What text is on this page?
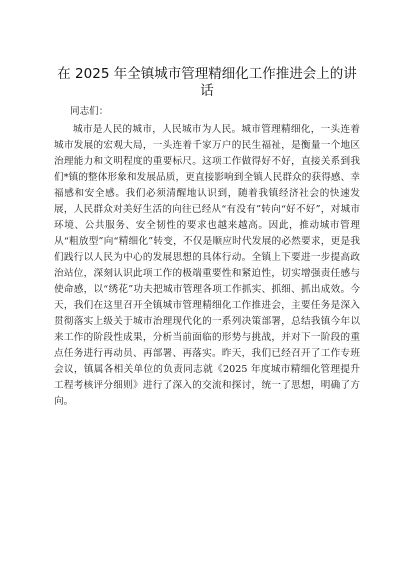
在 2025 年全镇城市管理精细化工作推进会上的讲话

同志们：

城市是人民的城市，人民城市为人民。城市管理精细化，一头连着城市发展的宏观大局，一头连着千家万户的民生福祉，是衡量一个地区治理能力和文明程度的重要标尺。这项工作做得好不好，直接关系到我们*镇的整体形象和发展品质，更直接影响到全镇人民群众的获得感、幸福感和安全感。我们必须清醒地认识到，随着我镇经济社会的快速发展，人民群众对美好生活的向往已经从“有没有”转向“好不好”，对城市环境、公共服务、安全韧性的要求也越来越高。因此，推动城市管理从“粗放型”向“精细化”转变，不仅是顺应时代发展的必然要求，更是我们践行以人民为中心的发展思想的具体行动。全镇上下要进一步提高政治站位，深刻认识此项工作的极端重要性和紧迫性，切实增强责任感与使命感，以“绣花”功夫把城市管理各项工作抓实、抓细、抓出成效。今天，我们在这里召开全镇城市管理精细化工作推进会，主要任务是深入贯彻落实上级关于城市治理现代化的一系列决策部署，总结我镇今年以来工作的阶段性成果，分析当前面临的形势与挑战，并对下一阶段的重点任务进行再动员、再部署、再落实。昨天，我们已经召开了工作专班会议，镇属各相关单位的负责同志就《2025 年度城市精细化管理提升工程考核评分细则》进行了深入的交流和探讨，统一了思想，明确了方向。
